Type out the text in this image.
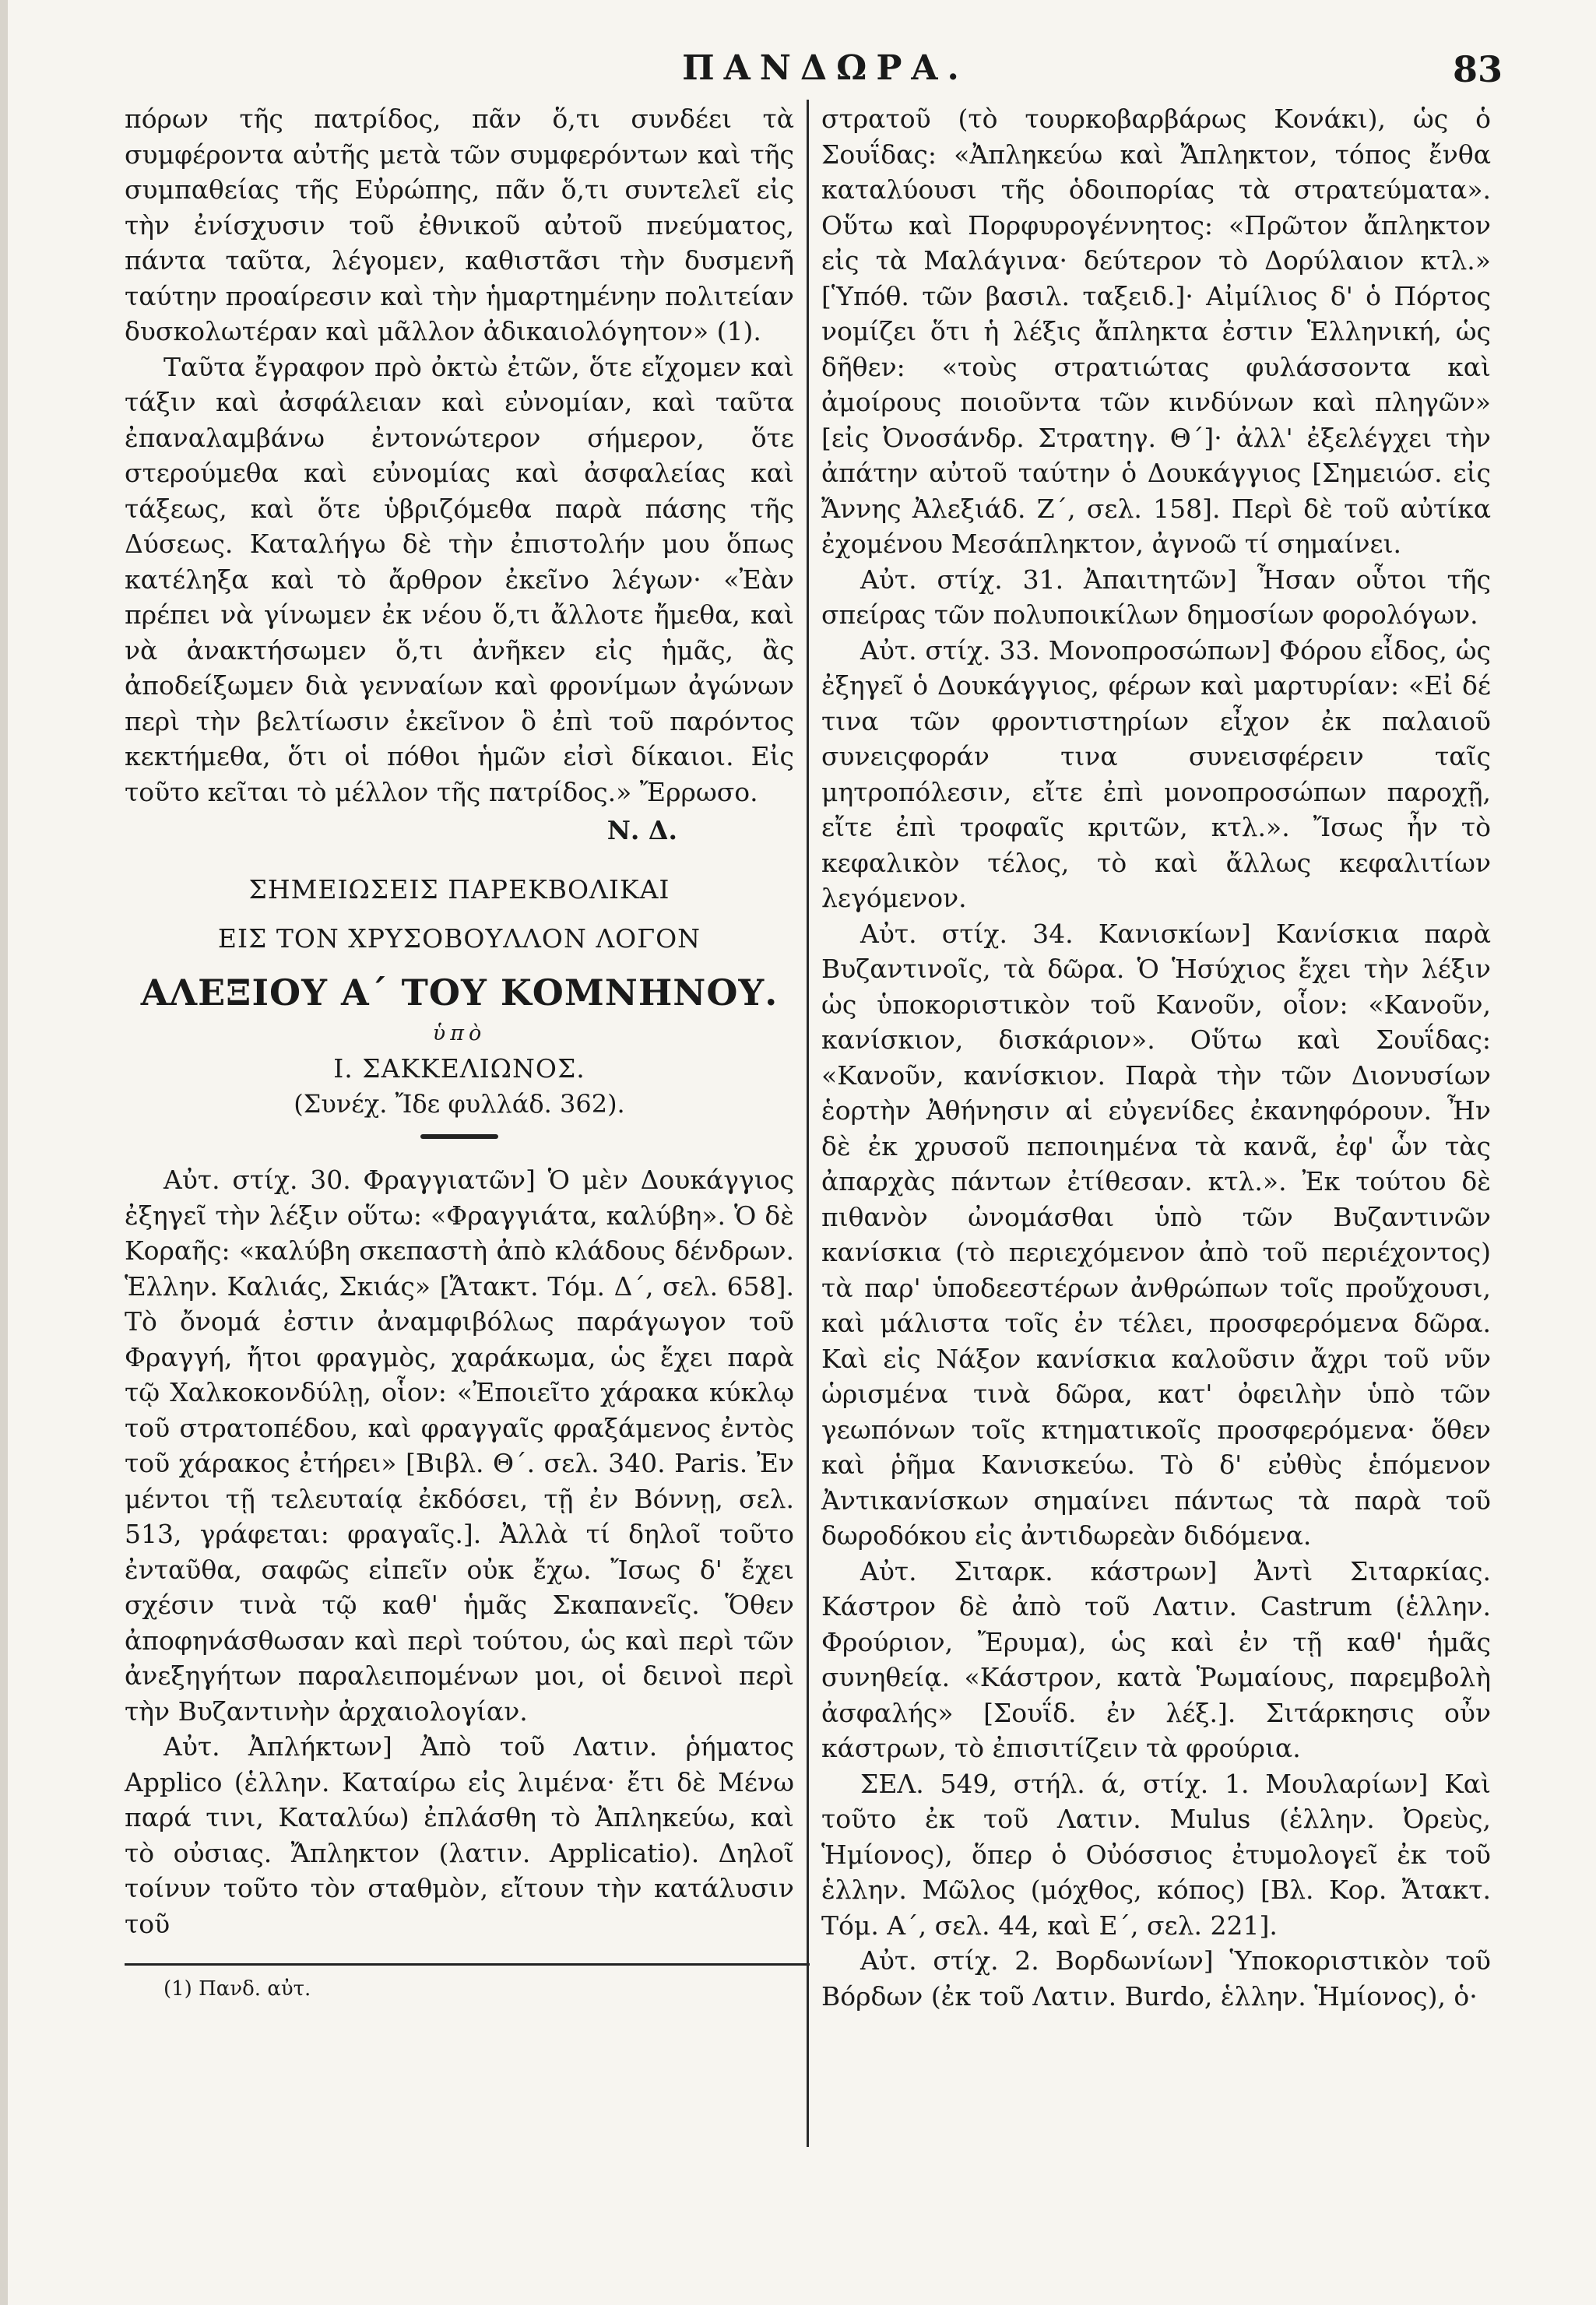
ΠΑΝΔΩΡΑ.	83

πόρων τῆς πατρίδος, πᾶν ὅ,τι συνδέει τὰ συμφέροντα αὐτῆς μετὰ τῶν συμφερόντων καὶ τῆς συμπαθείας τῆς Εὐρώπης, πᾶν ὅ,τι συντελεῖ εἰς τὴν ἐνίσχυσιν τοῦ ἐθνικοῦ αὐτοῦ πνεύματος, πάντα ταῦτα, λέγομεν, καθιστᾶσι τὴν δυσμενῆ ταύτην προαίρεσιν καὶ τὴν ἡμαρτημένην πολιτείαν δυσκολωτέραν καὶ μᾶλλον ἀδικαιολόγητον» (1).

Ταῦτα ἔγραφον πρὸ ὀκτὼ ἐτῶν, ὅτε εἴχομεν καὶ τάξιν καὶ ἀσφάλειαν καὶ εὐνομίαν, καὶ ταῦτα ἐπαναλαμβάνω ἐντονώτερον σήμερον, ὅτε στερούμεθα καὶ εὐνομίας καὶ ἀσφαλείας καὶ τάξεως, καὶ ὅτε ὑβριζόμεθα παρὰ πάσης τῆς Δύσεως. Καταλήγω δὲ τὴν ἐπιστολήν μου ὅπως κατέληξα καὶ τὸ ἄρθρον ἐκεῖνο λέγων· «Ἐὰν πρέπει νὰ γίνωμεν ἐκ νέου ὅ,τι ἄλλοτε ἤμεθα, καὶ νὰ ἀνακτήσωμεν ὅ,τι ἀνῆκεν εἰς ἡμᾶς, ἂς ἀποδείξωμεν διὰ γενναίων καὶ φρονίμων ἀγώνων περὶ τὴν βελτίωσιν ἐκεῖνον ὃ ἐπὶ τοῦ παρόντος κεκτήμεθα, ὅτι οἱ πόθοι ἡμῶν εἰσὶ δίκαιοι. Εἰς τοῦτο κεῖται τὸ μέλλον τῆς πατρίδος.» Ἔρρωσο.

Ν. Δ.
ΣΗΜΕΙΩΣΕΙΣ ΠΑΡΕΚΒΟΛΙΚΑΙ
ΕΙΣ ΤΟΝ ΧΡΥΣΟΒΟΥΛΛΟΝ ΛΟΓΟΝ
ΑΛΕΞΙΟΥ Α΄ ΤΟΥ ΚΟΜΝΗΝΟΥ.
ὑπὸ
Ι. ΣΑΚΚΕΛΙΩΝΟΣ.
(Συνέχ. Ἴδε φυλλάδ. 362).

Αὐτ. στίχ. 30. Φραγγιατῶν] Ὁ μὲν Δουκάγγιος ἐξηγεῖ τὴν λέξιν οὕτω: «Φραγγιάτα, καλύβη». Ὁ δὲ Κοραῆς: «καλύβη σκεπαστὴ ἀπὸ κλάδους δένδρων. Ἑλλην. Καλιάς, Σκιάς» [Ἄτακτ. Τόμ. Δ΄, σελ. 658]. Τὸ ὄνομά ἐστιν ἀναμφιβόλως παράγωγον τοῦ Φραγγή, ἤτοι φραγμὸς, χαράκωμα, ὡς ἔχει παρὰ τῷ Χαλκοκονδύλῃ, οἷον: «Ἐποιεῖτο χάρακα κύκλῳ τοῦ στρατοπέδου, καὶ φραγγαῖς φραξάμενος ἐντὸς τοῦ χάρακος ἐτήρει» [Βιβλ. Θ΄. σελ. 340. Paris. Ἐν μέντοι τῇ τελευταίᾳ ἐκδόσει, τῇ ἐν Βόννῃ, σελ. 513, γράφεται: φραγαῖς.]. Ἀλλὰ τί δηλοῖ τοῦτο ἐνταῦθα, σαφῶς εἰπεῖν οὐκ ἔχω. Ἴσως δ' ἔχει σχέσιν τινὰ τῷ καθ' ἡμᾶς Σκαπανεῖς. Ὅθεν ἀποφηνάσθωσαν καὶ περὶ τούτου, ὡς καὶ περὶ τῶν ἀνεξηγήτων παραλειπομένων μοι, οἱ δεινοὶ περὶ τὴν Βυζαντινὴν ἀρχαιολογίαν.

Αὐτ. Ἀπλήκτων] Ἀπὸ τοῦ Λατιν. ῥήματος Applico (ἑλλην. Καταίρω εἰς λιμένα· ἔτι δὲ Μένω παρά τινι, Καταλύω) ἐπλάσθη τὸ Ἀπληκεύω, καὶ τὸ οὐσιας. Ἄπληκτον (λατιν. Applicatio). Δηλοῖ τοίνυν τοῦτο τὸν σταθμὸν, εἴτουν τὴν κατάλυσιν τοῦ

(1) Πανδ. αὐτ.

στρατοῦ (τὸ τουρκοβαρβάρως Κονάκι), ὡς ὁ Σουΐδας: «Ἀπληκεύω καὶ Ἄπληκτον, τόπος ἔνθα καταλύουσι τῆς ὁδοιπορίας τὰ στρατεύματα». Οὕτω καὶ Πορφυρογέννητος: «Πρῶτον ἄπληκτον εἰς τὰ Μαλάγινα· δεύτερον τὸ Δορύλαιον κτλ.» [Ὑπόθ. τῶν βασιλ. ταξειδ.]· Αἰμίλιος δ' ὁ Πόρτος νομίζει ὅτι ἡ λέξις ἄπληκτα ἐστιν Ἑλληνική, ὡς δῆθεν: «τοὺς στρατιώτας φυλάσσοντα καὶ ἀμοίρους ποιοῦντα τῶν κινδύνων καὶ πληγῶν» [εἰς Ὀνοσάνδρ. Στρατηγ. Θ΄]· ἀλλ' ἐξελέγχει τὴν ἀπάτην αὐτοῦ ταύτην ὁ Δουκάγγιος [Σημειώσ. εἰς Ἄννης Ἀλεξιάδ. Ζ΄, σελ. 158]. Περὶ δὲ τοῦ αὐτίκα ἐχομένου Μεσάπληκτον, ἀγνοῶ τί σημαίνει.

Αὐτ. στίχ. 31. Ἀπαιτητῶν] Ἦσαν οὗτοι τῆς σπείρας τῶν πολυποικίλων δημοσίων φορολόγων.

Αὐτ. στίχ. 33. Μονοπροσώπων] Φόρου εἶδος, ὡς ἐξηγεῖ ὁ Δουκάγγιος, φέρων καὶ μαρτυρίαν: «Εἰ δέ τινα τῶν φροντιστηρίων εἶχον ἐκ παλαιοῦ συνειςφοράν τινα συνεισφέρειν ταῖς μητροπόλεσιν, εἴτε ἐπὶ μονοπροσώπων παροχῇ, εἴτε ἐπὶ τροφαῖς κριτῶν, κτλ.». Ἴσως ἦν τὸ κεφαλικὸν τέλος, τὸ καὶ ἄλλως κεφαλιτίων λεγόμενον.

Αὐτ. στίχ. 34. Κανισκίων] Κανίσκια παρὰ Βυζαντινοῖς, τὰ δῶρα. Ὁ Ἡσύχιος ἔχει τὴν λέξιν ὡς ὑποκοριστικὸν τοῦ Κανοῦν, οἷον: «Κανοῦν, κανίσκιον, δισκάριον». Οὕτω καὶ Σουΐδας: «Κανοῦν, κανίσκιον. Παρὰ τὴν τῶν Διονυσίων ἑορτὴν Ἀθήνησιν αἱ εὐγενίδες ἐκανηφόρουν. Ἦν δὲ ἐκ χρυσοῦ πεποιημένα τὰ κανᾶ, ἐφ' ὧν τὰς ἀπαρχὰς πάντων ἐτίθεσαν. κτλ.». Ἐκ τούτου δὲ πιθανὸν ὠνομάσθαι ὑπὸ τῶν Βυζαντινῶν κανίσκια (τὸ περιεχόμενον ἀπὸ τοῦ περιέχοντος) τὰ παρ' ὑποδεεστέρων ἀνθρώπων τοῖς προὔχουσι, καὶ μάλιστα τοῖς ἐν τέλει, προσφερόμενα δῶρα. Καὶ εἰς Νάξον κανίσκια καλοῦσιν ἄχρι τοῦ νῦν ὡρισμένα τινὰ δῶρα, κατ' ὀφειλὴν ὑπὸ τῶν γεωπόνων τοῖς κτηματικοῖς προσφερόμενα· ὅθεν καὶ ῥῆμα Κανισκεύω. Τὸ δ' εὐθὺς ἑπόμενον Ἀντικανίσκων σημαίνει πάντως τὰ παρὰ τοῦ δωροδόκου εἰς ἀντιδωρεὰν διδόμενα.

Αὐτ. Σιταρκ. κάστρων] Ἀντὶ Σιταρκίας. Κάστρον δὲ ἀπὸ τοῦ Λατιν. Castrum (ἑλλην. Φρούριον, Ἔρυμα), ὡς καὶ ἐν τῇ καθ' ἡμᾶς συνηθείᾳ. «Κάστρον, κατὰ Ῥωμαίους, παρεμβολὴ ἀσφαλής» [Σουΐδ. ἐν λέξ.]. Σιτάρκησις οὖν κάστρων, τὸ ἐπισιτίζειν τὰ φρούρια.

ΣΕΛ. 549, στήλ. ά, στίχ. 1. Μουλαρίων] Καὶ τοῦτο ἐκ τοῦ Λατιν. Mulus (ἑλλην. Ὀρεὺς, Ἡμίονος), ὅπερ ὁ Οὐόσσιος ἐτυμολογεῖ ἐκ τοῦ ἑλλην. Μῶλος (μόχθος, κόπος) [Βλ. Κορ. Ἄτακτ. Τόμ. Α΄, σελ. 44, καὶ Ε΄, σελ. 221].

Αὐτ. στίχ. 2. Βορδωνίων] Ὑποκοριστικὸν τοῦ Βόρδων (ἐκ τοῦ Λατιν. Burdo, ἑλλην. Ἡμίονος), ὁ·
